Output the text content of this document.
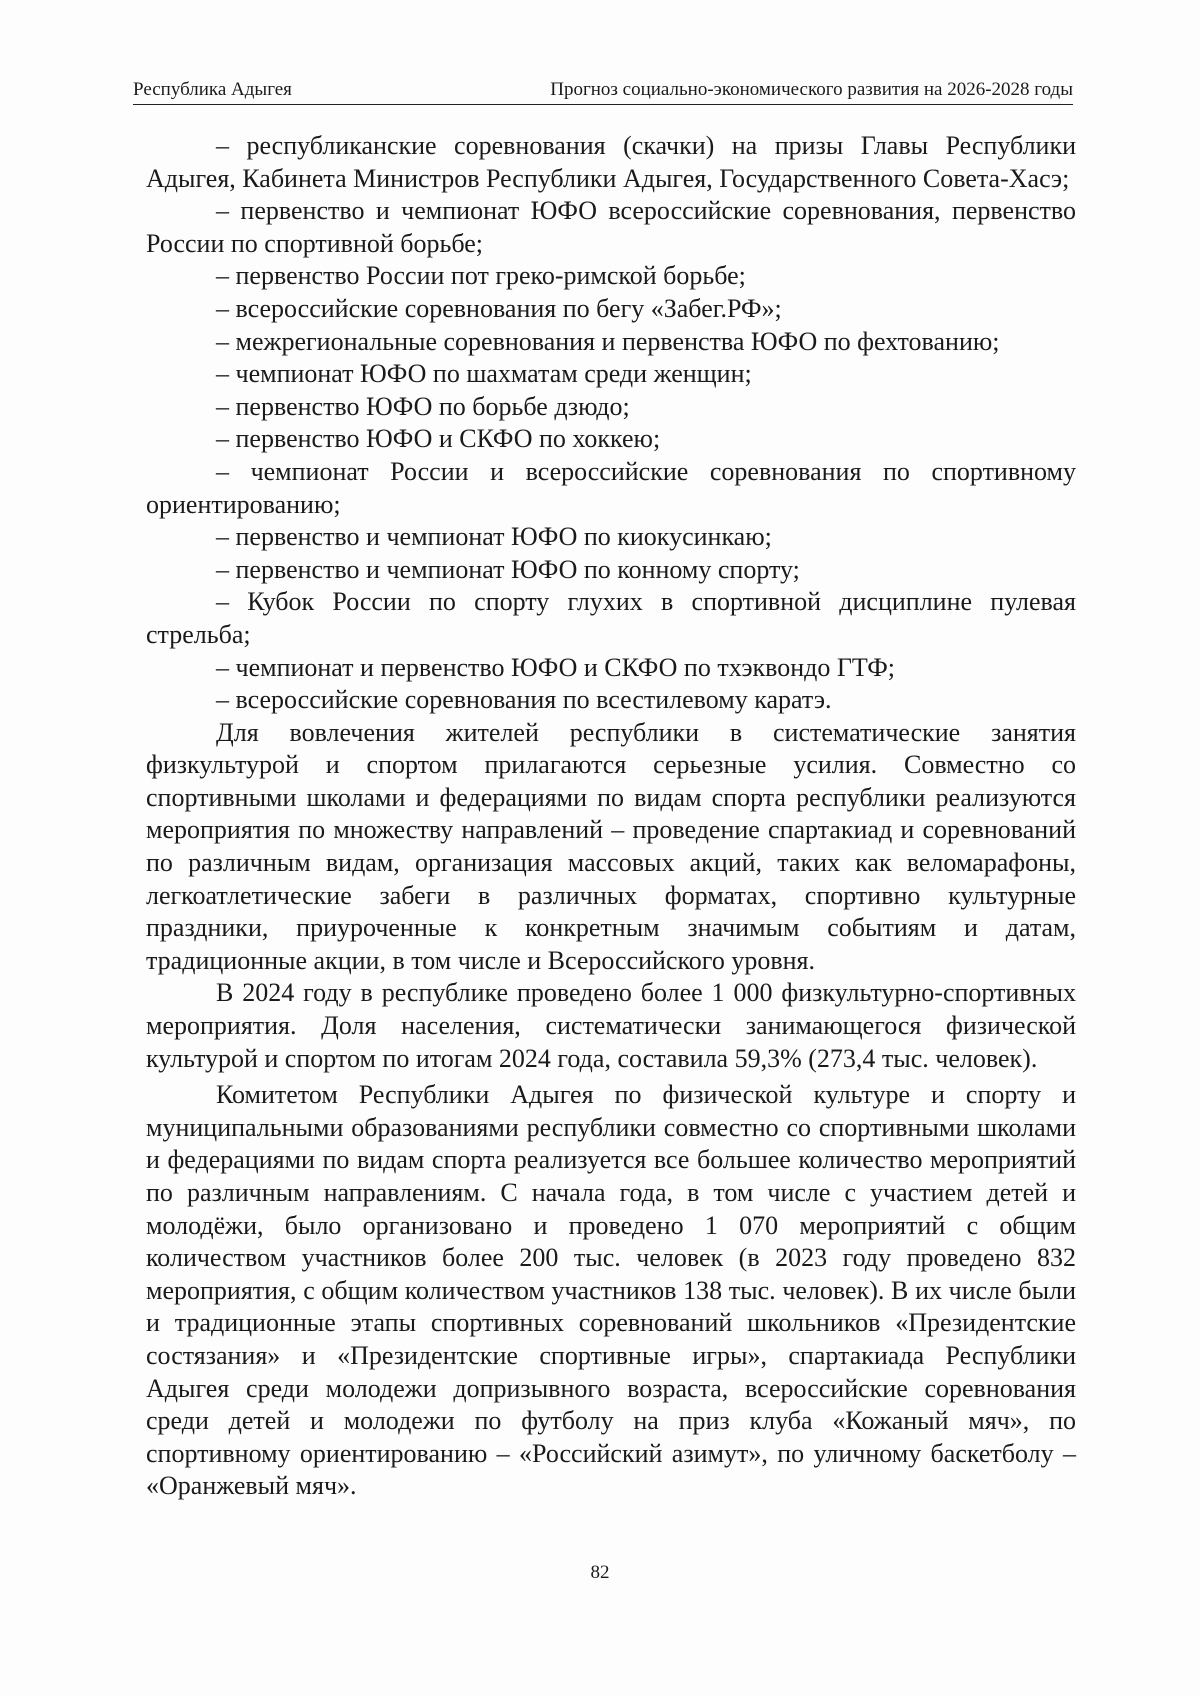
Республика Адыгея	Прогноз социально-экономического развития на 2026-2028 годы

– республиканские соревнования (скачки) на призы Главы Республики Адыгея, Кабинета Министров Республики Адыгея, Государственного Совета-Хасэ;

– первенство и чемпионат ЮФО всероссийские соревнования, первенство России по спортивной борьбе;

– первенство России пот греко-римской борьбе;

– всероссийские соревнования по бегу «Забег.РФ»;

– межрегиональные соревнования и первенства ЮФО по фехтованию;

– чемпионат ЮФО по шахматам среди женщин;

– первенство ЮФО по борьбе дзюдо;

– первенство ЮФО и СКФО по хоккею;

– чемпионат России и всероссийские соревнования по спортивному ориентированию;

– первенство и чемпионат ЮФО по киокусинкаю;

– первенство и чемпионат ЮФО по конному спорту;

– Кубок России по спорту глухих в спортивной дисциплине пулевая стрельба;

– чемпионат и первенство ЮФО и СКФО по тхэквондо ГТФ;

– всероссийские соревнования по всестилевому каратэ.

Для вовлечения жителей республики в систематические занятия физкультурой и спортом прилагаются серьезные усилия. Совместно со спортивными школами и федерациями по видам спорта республики реализуются мероприятия по множеству направлений – проведение спартакиад и соревнований по различным видам, организация массовых акций, таких как веломарафоны, легкоатлетические забеги в различных форматах, спортивно культурные праздники, приуроченные к конкретным значимым событиям и датам, традиционные акции, в том числе и Всероссийского уровня.

В 2024 году в республике проведено более 1 000 физкультурно-спортивных мероприятия. Доля населения, систематически занимающегося физической культурой и спортом по итогам 2024 года, составила 59,3% (273,4 тыс. человек).

Комитетом Республики Адыгея по физической культуре и спорту и муниципальными образованиями республики совместно со спортивными школами и федерациями по видам спорта реализуется все большее количество мероприятий по различным направлениям. С начала года, в том числе с участием детей и молодёжи, было организовано и проведено 1 070 мероприятий с общим количеством участников более 200 тыс. человек (в 2023 году проведено 832 мероприятия, с общим количеством участников 138 тыс. человек). В их числе были и традиционные этапы спортивных соревнований школьников «Президентские состязания» и «Президентские спортивные игры», спартакиада Республики Адыгея среди молодежи допризывного возраста, всероссийские соревнования среди детей и молодежи по футболу на приз клуба «Кожаный мяч», по спортивному ориентированию – «Российский азимут», по уличному баскетболу – «Оранжевый мяч».

82
